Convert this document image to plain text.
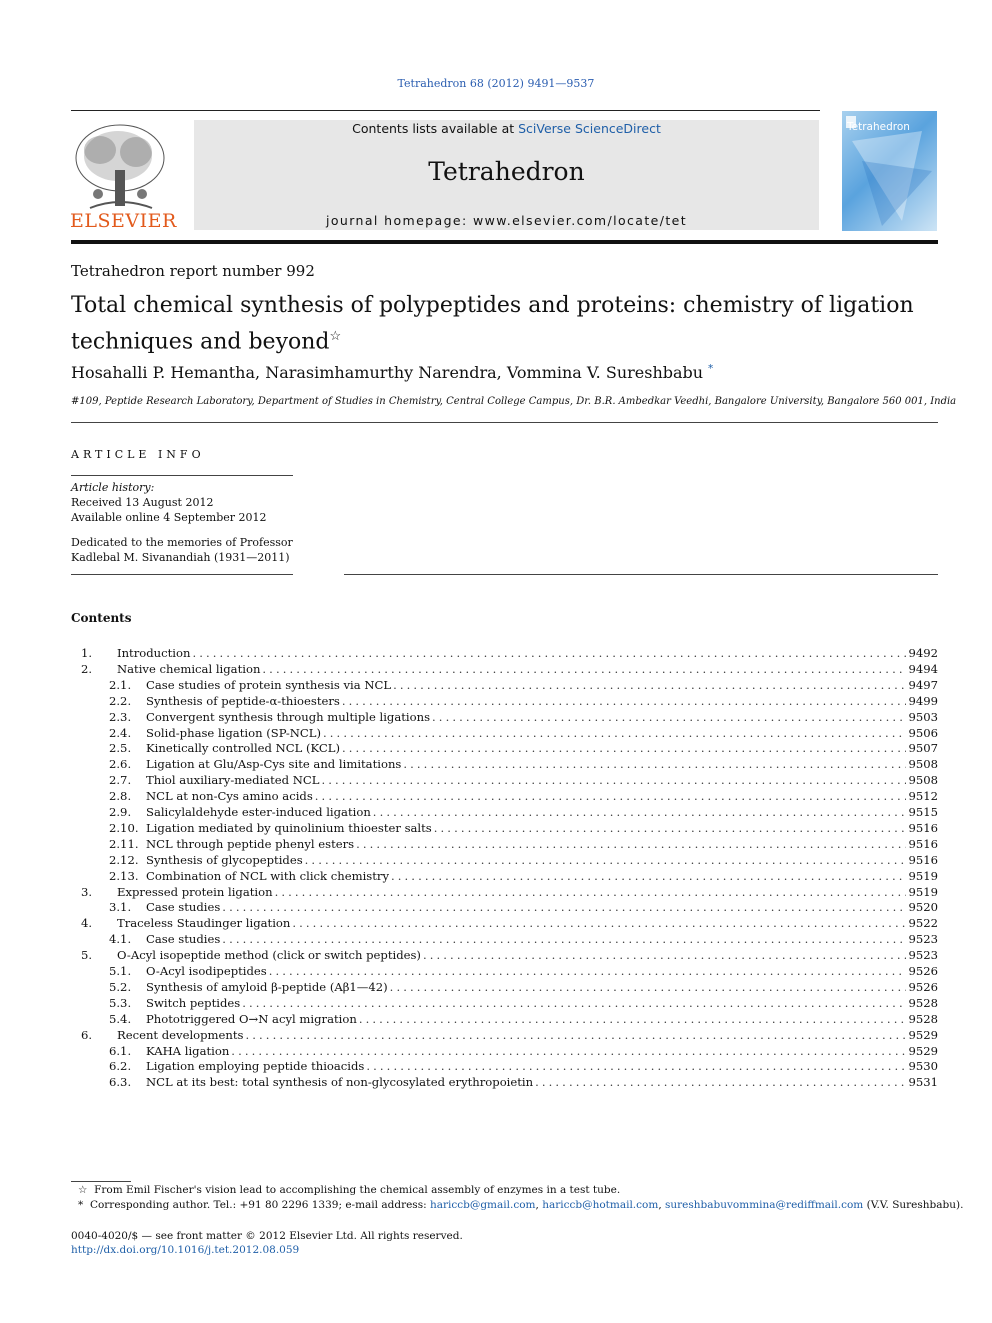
Tetrahedron 68 (2012) 9491—9537
ELSEVIER
Contents lists available at SciVerse ScienceDirect
Tetrahedron
journal homepage: www.elsevier.com/locate/tet
Tetrahedron
Tetrahedron report number 992
Total chemical synthesis of polypeptides and proteins: chemistry of ligation techniques and beyond☆
Hosahalli P. Hemantha, Narasimhamurthy Narendra, Vommina V. Sureshbabu *
#109, Peptide Research Laboratory, Department of Studies in Chemistry, Central College Campus, Dr. B.R. Ambedkar Veedhi, Bangalore University, Bangalore 560 001, India
ARTICLE INFO
Article history:
Received 13 August 2012
Available online 4 September 2012
Dedicated to the memories of Professor
Kadlebal M. Sivanandiah (1931—2011)
Contents
1.	Introduction . . .	9492
2.	Native chemical ligation . . .	9494
2.1.	Case studies of protein synthesis via NCL . . .	9497
2.2.	Synthesis of peptide-α-thioesters . . .	9499
2.3.	Convergent synthesis through multiple ligations . . .	9503
2.4.	Solid-phase ligation (SP-NCL) . . .	9506
2.5.	Kinetically controlled NCL (KCL) . . .	9507
2.6.	Ligation at Glu/Asp-Cys site and limitations . . .	9508
2.7.	Thiol auxiliary-mediated NCL . . .	9508
2.8.	NCL at non-Cys amino acids . . .	9512
2.9.	Salicylaldehyde ester-induced ligation . . .	9515
2.10. Ligation mediated by quinolinium thioester salts . . .	9516
2.11. NCL through peptide phenyl esters . . .	9516
2.12. Synthesis of glycopeptides . . .	9516
2.13. Combination of NCL with click chemistry . . .	9519
3.	Expressed protein ligation . . .	9519
3.1.	Case studies . . .	9520
4.	Traceless Staudinger ligation . . .	9522
4.1.	Case studies . . .	9523
5.	O-Acyl isopeptide method (click or switch peptides) . . .	9523
5.1.	O-Acyl isodipeptides . . .	9526
5.2.	Synthesis of amyloid β-peptide (Aβ1—42) . . .	9526
5.3.	Switch peptides . . .	9528
5.4.	Phototriggered O→N acyl migration . . .	9528
6.	Recent developments . . .	9529
6.1.	KAHA ligation . . .	9529
6.2.	Ligation employing peptide thioacids . . .	9530
6.3.	NCL at its best: total synthesis of non-glycosylated erythropoietin . . .	9531
☆ From Emil Fischer's vision lead to accomplishing the chemical assembly of enzymes in a test tube.
* Corresponding author. Tel.: +91 80 2296 1339; e-mail address: hariccb@gmail.com, hariccb@hotmail.com, sureshbabuvommina@rediffmail.com (V.V. Sureshbabu).
0040-4020/$ — see front matter © 2012 Elsevier Ltd. All rights reserved.
http://dx.doi.org/10.1016/j.tet.2012.08.059
